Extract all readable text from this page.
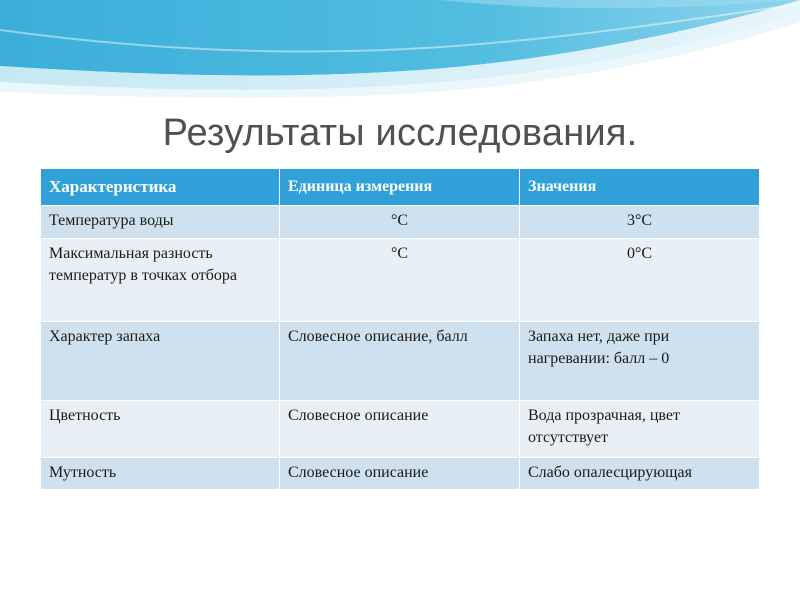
Результаты исследования.
Характеристика	Единица измерения	Значения
Температура воды	°C	3°C
Максимальная разность температур в точках отбора	°C	0°C
Характер запаха	Словесное описание, балл	Запаха нет, даже при нагревании: балл – 0
Цветность	Словесное описание	Вода прозрачная, цвет отсутствует
Мутность	Словесное описание	Слабо опалесцирующая
